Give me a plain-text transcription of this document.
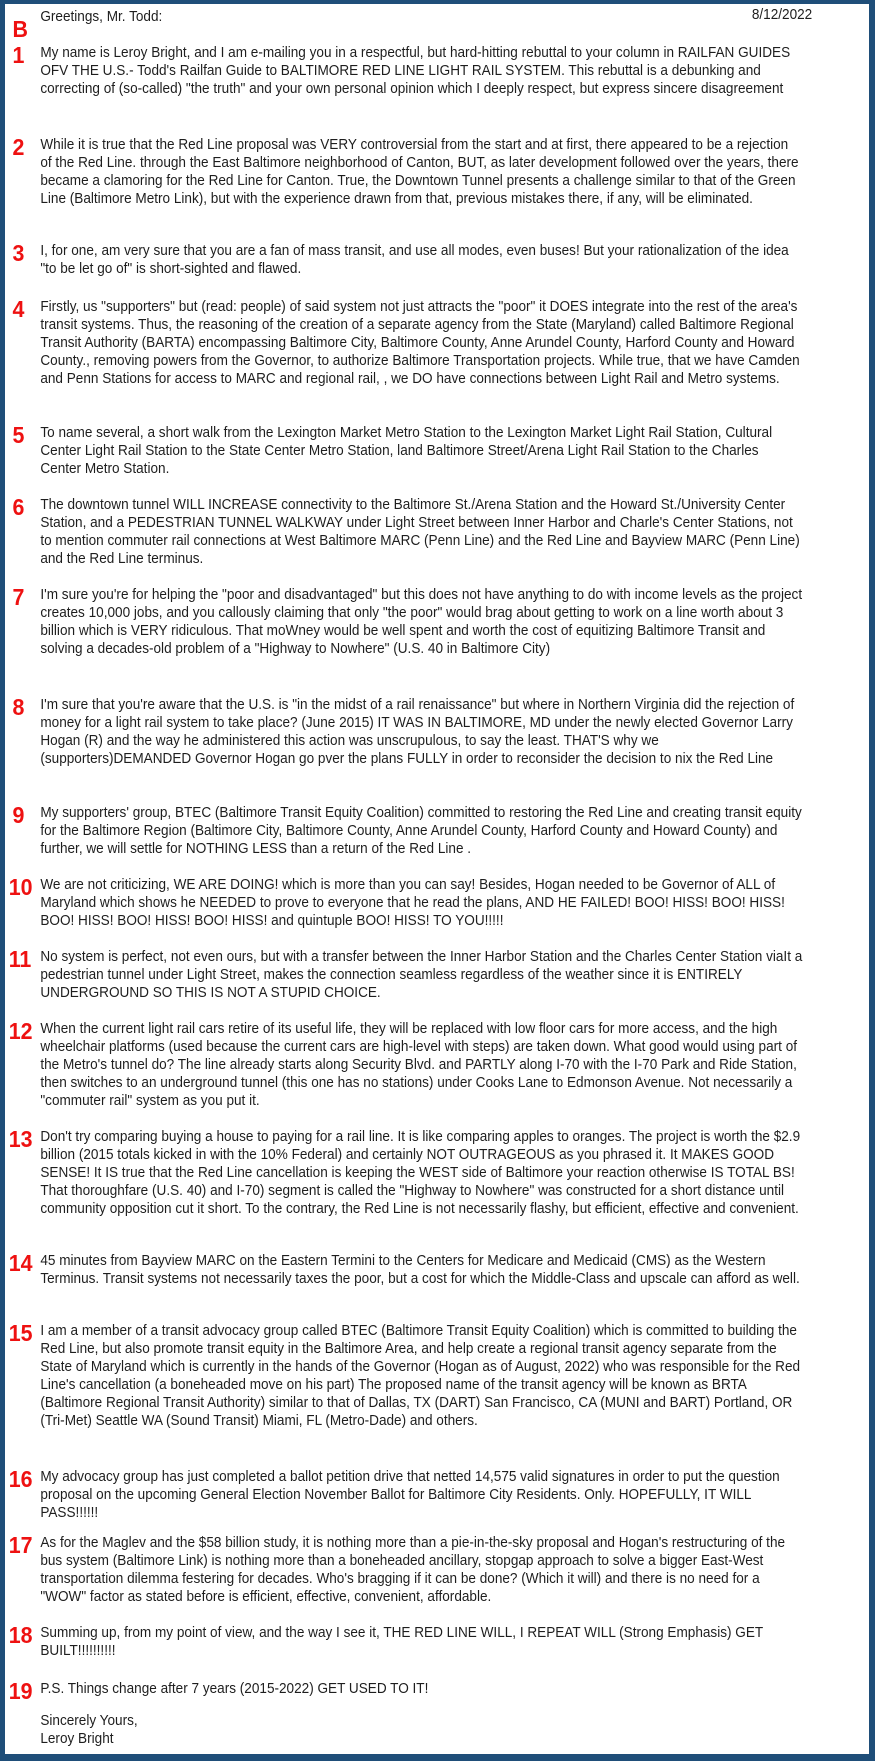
Greetings, Mr. Todd:	8/12/2022
B
1 My name is Leroy Bright, and I am e-mailing you in a respectful, but hard-hitting rebuttal to your column in RAILFAN GUIDES OFV THE U.S.- Todd's Railfan Guide to BALTIMORE RED LINE LIGHT RAIL SYSTEM. This rebuttal is a debunking and correcting of (so-called) "the truth" and your own personal opinion which I deeply respect, but express sincere disagreement
2 While it is true that the Red Line proposal was VERY controversial from the start and at first, there appeared to be a rejection of the Red Line. through the East Baltimore neighborhood of Canton, BUT, as later development followed over the years, there became a clamoring for the Red Line for Canton. True, the Downtown Tunnel presents a challenge similar to that of the Green Line (Baltimore Metro Link), but with the experience drawn from that, previous mistakes there, if any, will be eliminated.
3 I, for one, am very sure that you are a fan of mass transit, and use all modes, even buses! But your rationalization of the idea "to be let go of" is short-sighted and flawed.
4 Firstly, us "supporters" but (read: people) of said system not just attracts the "poor" it DOES integrate into the rest of the area's transit systems. Thus, the reasoning of the creation of a separate agency from the State (Maryland) called Baltimore Regional Transit Authority (BARTA) encompassing Baltimore City, Baltimore County, Anne Arundel County, Harford County and Howard County., removing powers from the Governor, to authorize Baltimore Transportation projects. While true, that we have Camden and Penn Stations for access to MARC and regional rail, , we DO have connections between Light Rail and Metro systems.
5 To name several, a short walk from the Lexington Market Metro Station to the Lexington Market Light Rail Station, Cultural Center Light Rail Station to the State Center Metro Station, land Baltimore Street/Arena Light Rail Station to the Charles Center Metro Station.
6 The downtown tunnel WILL INCREASE connectivity to the Baltimore St./Arena Station and the Howard St./University Center Station, and a PEDESTRIAN TUNNEL WALKWAY under Light Street between Inner Harbor and Charle's Center Stations, not to mention commuter rail connections at West Baltimore MARC (Penn Line) and the Red Line and Bayview MARC (Penn Line) and the Red Line terminus.
7 I'm sure you're for helping the "poor and disadvantaged" but this does not have anything to do with income levels as the project creates 10,000 jobs, and you callously claiming that only "the poor" would brag about getting to work on a line worth about 3 billion which is VERY ridiculous. That moWney would be well spent and worth the cost of equitizing Baltimore Transit and solving a decades-old problem of a "Highway to Nowhere" (U.S. 40 in Baltimore City)
8 I'm sure that you're aware that the U.S. is "in the midst of a rail renaissance" but where in Northern Virginia did the rejection of money for a light rail system to take place? (June 2015) IT WAS IN BALTIMORE, MD under the newly elected Governor Larry Hogan (R) and the way he administered this action was unscrupulous, to say the least. THAT'S why we (supporters)DEMANDED Governor Hogan go pver the plans FULLY in order to reconsider the decision to nix the Red Line
9 My supporters' group, BTEC (Baltimore Transit Equity Coalition) committed to restoring the Red Line and creating transit equity for the Baltimore Region (Baltimore City, Baltimore County, Anne Arundel County, Harford County and Howard County) and further, we will settle for NOTHING LESS than a return of the Red Line .
10 We are not criticizing, WE ARE DOING! which is more than you can say! Besides, Hogan needed to be Governor of ALL of Maryland which shows he NEEDED to prove to everyone that he read the plans, AND HE FAILED! BOO! HISS! BOO! HISS! BOO! HISS! BOO! HISS! BOO! HISS! and quintuple BOO! HISS! TO YOU!!!!!
11 No system is perfect, not even ours, but with a transfer between the Inner Harbor Station and the Charles Center Station viaIt a pedestrian tunnel under Light Street, makes the connection seamless regardless of the weather since it is ENTIRELY UNDERGROUND SO THIS IS NOT A STUPID CHOICE.
12 When the current light rail cars retire of its useful life, they will be replaced with low floor cars for more access, and the high wheelchair platforms (used because the current cars are high-level with steps) are taken down. What good would using part of the Metro's tunnel do? The line already starts along Security Blvd. and PARTLY along I-70 with the I-70 Park and Ride Station, then switches to an underground tunnel (this one has no stations) under Cooks Lane to Edmonson Avenue. Not necessarily a "commuter rail" system as you put it.
13 Don't try comparing buying a house to paying for a rail line. It is like comparing apples to oranges. The project is worth the $2.9 billion (2015 totals kicked in with the 10% Federal) and certainly NOT OUTRAGEOUS as you phrased it. It MAKES GOOD SENSE! It IS true that the Red Line cancellation is keeping the WEST side of Baltimore your reaction otherwise IS TOTAL BS! That thoroughfare (U.S. 40) and I-70) segment is called the "Highway to Nowhere" was constructed for a short distance until community opposition cut it short. To the contrary, the Red Line is not necessarily flashy, but efficient, effective and convenient.
14 45 minutes from Bayview MARC on the Eastern Termini to the Centers for Medicare and Medicaid (CMS) as the Western Terminus. Transit systems not necessarily taxes the poor, but a cost for which the Middle-Class and upscale can afford as well.
15 I am a member of a transit advocacy group called BTEC (Baltimore Transit Equity Coalition) which is committed to building the Red Line, but also promote transit equity in the Baltimore Area, and help create a regional transit agency separate from the State of Maryland which is currently in the hands of the Governor (Hogan as of August, 2022) who was responsible for the Red Line's cancellation (a boneheaded move on his part) The proposed name of the transit agency will be known as BRTA (Baltimore Regional Transit Authority) similar to that of Dallas, TX (DART) San Francisco, CA (MUNI and BART) Portland, OR (Tri-Met) Seattle WA (Sound Transit) Miami, FL (Metro-Dade) and others.
16 My advocacy group has just completed a ballot petition drive that netted 14,575 valid signatures in order to put the question proposal on the upcoming General Election November Ballot for Baltimore City Residents. Only. HOPEFULLY, IT WILL PASS!!!!!!
17 As for the Maglev and the $58 billion study, it is nothing more than a pie-in-the-sky proposal and Hogan's restructuring of the bus system (Baltimore Link) is nothing more than a boneheaded ancillary, stopgap approach to solve a bigger East-West transportation dilemma festering for decades. Who's bragging if it can be done? (Which it will) and there is no need for a "WOW" factor as stated before is efficient, effective, convenient, affordable.
18 Summing up, from my point of view, and the way I see it, THE RED LINE WILL, I REPEAT WILL (Strong Emphasis) GET BUILT!!!!!!!!!!
19 P.S. Things change after 7 years (2015-2022) GET USED TO IT!
Sincerely Yours,
Leroy Bright
